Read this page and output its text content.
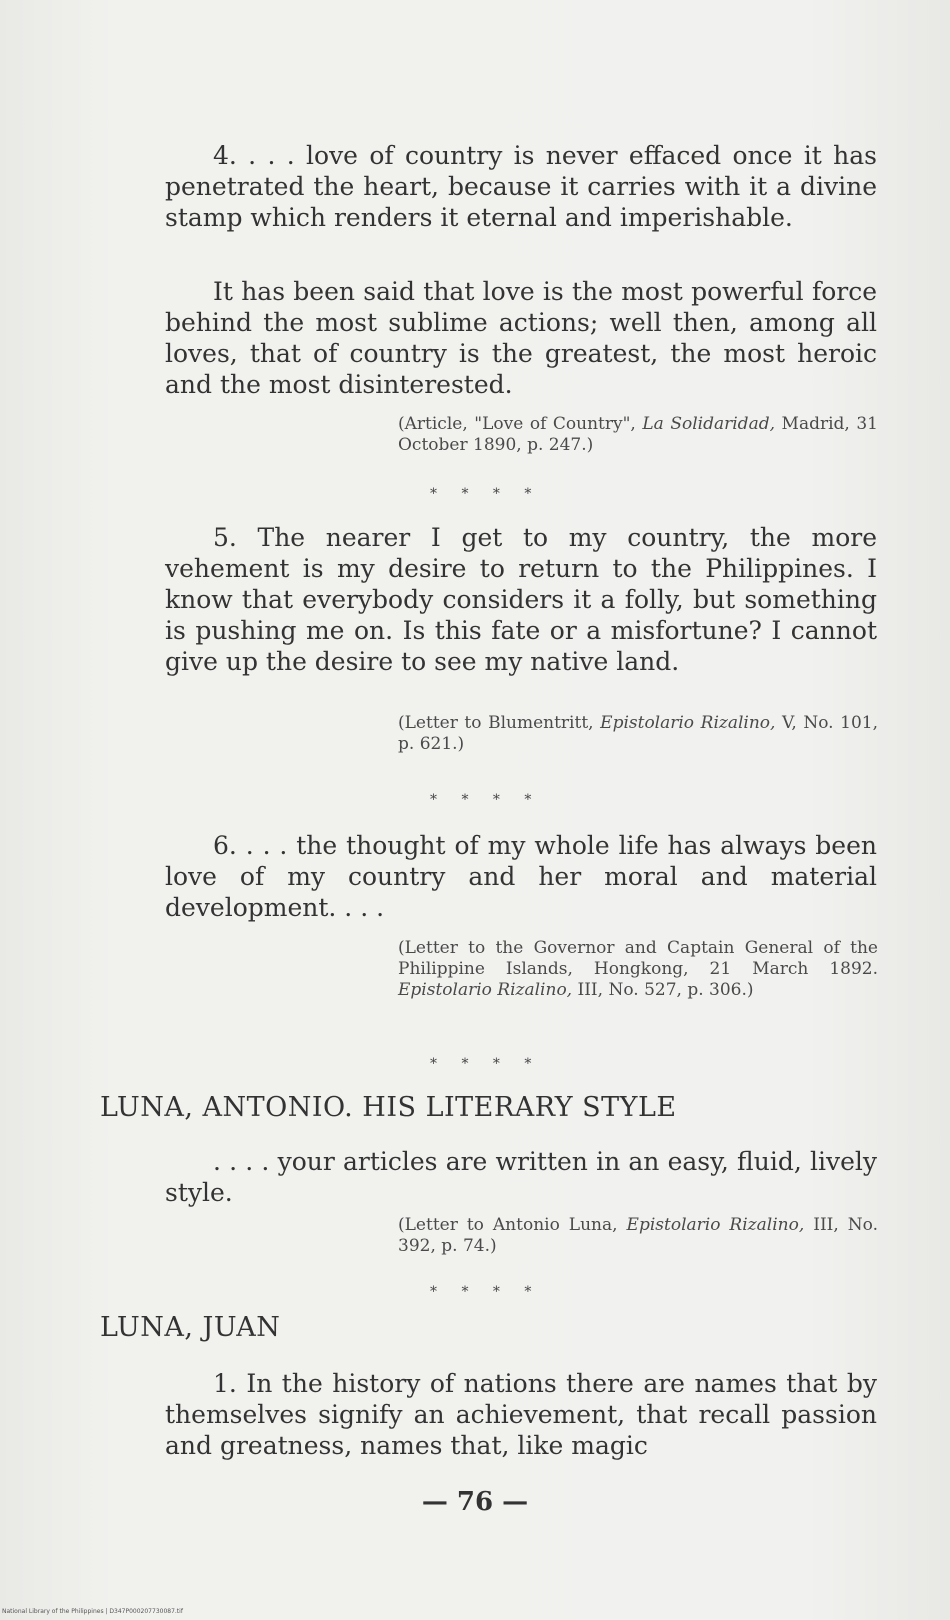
4. . . . love of country is never effaced once it has penetrated the heart, because it carries with it a divine stamp which renders it eternal and imperishable.
It has been said that love is the most powerful force behind the most sublime actions; well then, among all loves, that of country is the greatest, the most heroic and the most disinterested.
(Article, "Love of Country", La Solidaridad, Madrid, 31 October 1890, p. 247.)
* * * *
5. The nearer I get to my country, the more vehement is my desire to return to the Philippines. I know that everybody considers it a folly, but something is pushing me on. Is this fate or a misfortune? I cannot give up the desire to see my native land.
(Letter to Blumentritt, Epistolario Rizalino, V, No. 101, p. 621.)
* * * *
6. . . . the thought of my whole life has always been love of my country and her moral and material development. . . .
(Letter to the Governor and Captain General of the Philippine Islands, Hongkong, 21 March 1892. Epistolario Rizalino, III, No. 527, p. 306.)
* * * *
LUNA, ANTONIO. HIS LITERARY STYLE
. . . . your articles are written in an easy, fluid, lively style.
(Letter to Antonio Luna, Epistolario Rizalino, III, No. 392, p. 74.)
* * * *
LUNA, JUAN
1. In the history of nations there are names that by themselves signify an achievement, that recall passion and greatness, names that, like magic
— 76 —
National Library of the Philippines | D347P000207730087.tif
